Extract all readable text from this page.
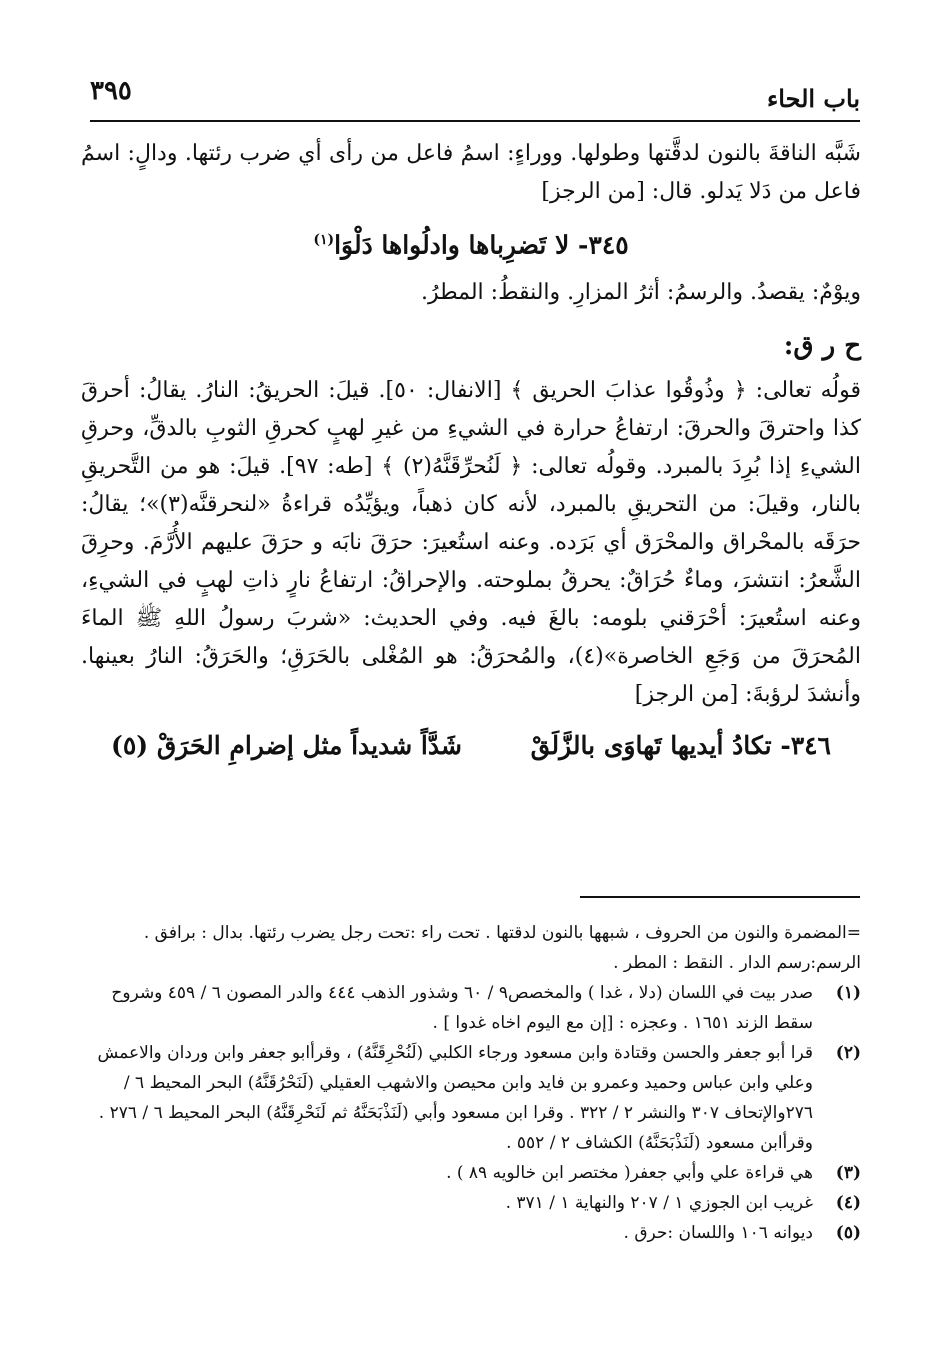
باب الحاء
٣٩٥

شَبَّه الناقةَ بالنون لدقَّتها وطولها. ووراءٍ: اسمُ فاعل من رأى أي ضرب رئتها. ودالٍ: اسمُ فاعل من دَلا يَدلو. قال: [من الرجز]

٣٤٥- لا تَضرِباها وادلُواها دَلْوَا$^{(١)}$

ويوْمٌ: يقصدُ. والرسمُ: أثرُ المزارِ. والنقطُ: المطرُ.

ح ر ق:

قولُه تعالى: ﴿ وذُوقُوا عذابَ الحريق ﴾ [الانفال: ٥٠]. قيلَ: الحريقُ: النارُ. يقالُ: أحرقَ كذا واحترقَ والحرقَ: ارتفاعُ حرارة في الشيءِ من غيرِ لهبٍ كحرقِ الثوبِ بالدقِّ، وحرقِ الشيءِ إذا بُرِدَ بالمبرد. وقولُه تعالى: ﴿ لَنُحرِّقَنَّهُ(٢) ﴾ [طه: ٩٧]. قيلَ: هو من التَّحريقِ بالنار، وقيلَ: من التحريقِ بالمبرد، لأنه كان ذهباً، ويؤيِّدُه قراءةُ «لنحرقنَّه(٣)»؛ يقالُ: حرَقَه بالمحْراق والمحْرَق أي بَرَده. وعنه استُعيرَ: حرَقَ نابَه و حرَقَ عليهم الأُرَّمَ. وحرِقَ الشَّعرُ: انتشرَ، وماءٌ حُرَاقٌ: يحرقُ بملوحته. والإحراقُ: ارتفاعُ نارٍ ذاتِ لهبٍ في الشيءِ، وعنه استُعيرَ: أحْرَقني بلومه: بالغَ فيه. وفي الحديث: «شربَ رسولُ اللهِ ﷺ الماءَ المُحرَقَ من وَجَعِ الخاصرة»(٤)، والمُحرَقُ: هو المُغْلى بالحَرَقِ؛ والحَرَقُ: النارُ بعينها. وأنشدَ لرؤبةَ: [من الرجز]

٣٤٦- تكادُ أيديها تَهاوَى بالزَّلَقْ
شَدَّاً شديداً مثل إضرامِ الحَرَقْ (٥)

=المضمرة والنون من الحروف ، شبهها بالنون لدقتها . تحت راء :تحت رجل يضرب رئتها. بدال : برافق . الرسم:رسم الدار . النقط : المطر .

(١)
صدر بيت في اللسان (دلا ، غدا ) والمخصص٩ / ٦٠ وشذور الذهب ٤٤٤ والدر المصون ٦ / ٤٥٩ وشروح سقط الزند ١٦٥١ . وعجزه : [إن مع اليوم اخاه غدوا ] .
(٢)
قرا أبو جعفر والحسن وقتادة وابن مسعود ورجاء الكلبي (لَنُحْرِقَنَّهُ) ، وقرأابو جعفر وابن وردان والاعمش وعلي وابن عباس وحميد وعمرو بن فايد وابن محيصن والاشهب العقيلي (لَنَحْرُقَنَّهُ) البحر المحيط ٦ / ٢٧٦والإتحاف ٣٠٧ والنشر ٢ / ٣٢٢ . وقرا ابن مسعود وأبي (لَنَذْبَحَنَّهُ ثم لَنَحْرِقَنَّهُ) البحر المحيط ٦ / ٢٧٦ . وقرأابن مسعود (لَنَذْبَحَنَّهُ) الكشاف ٢ / ٥٥٢ .
(٣)
هي قراءة علي وأبي جعفر( مختصر ابن خالويه ٨٩ ) .
(٤)
غريب ابن الجوزي ١ / ٢٠٧ والنهاية ١ / ٣٧١ .
(٥)
ديوانه ١٠٦ واللسان :حرق .
